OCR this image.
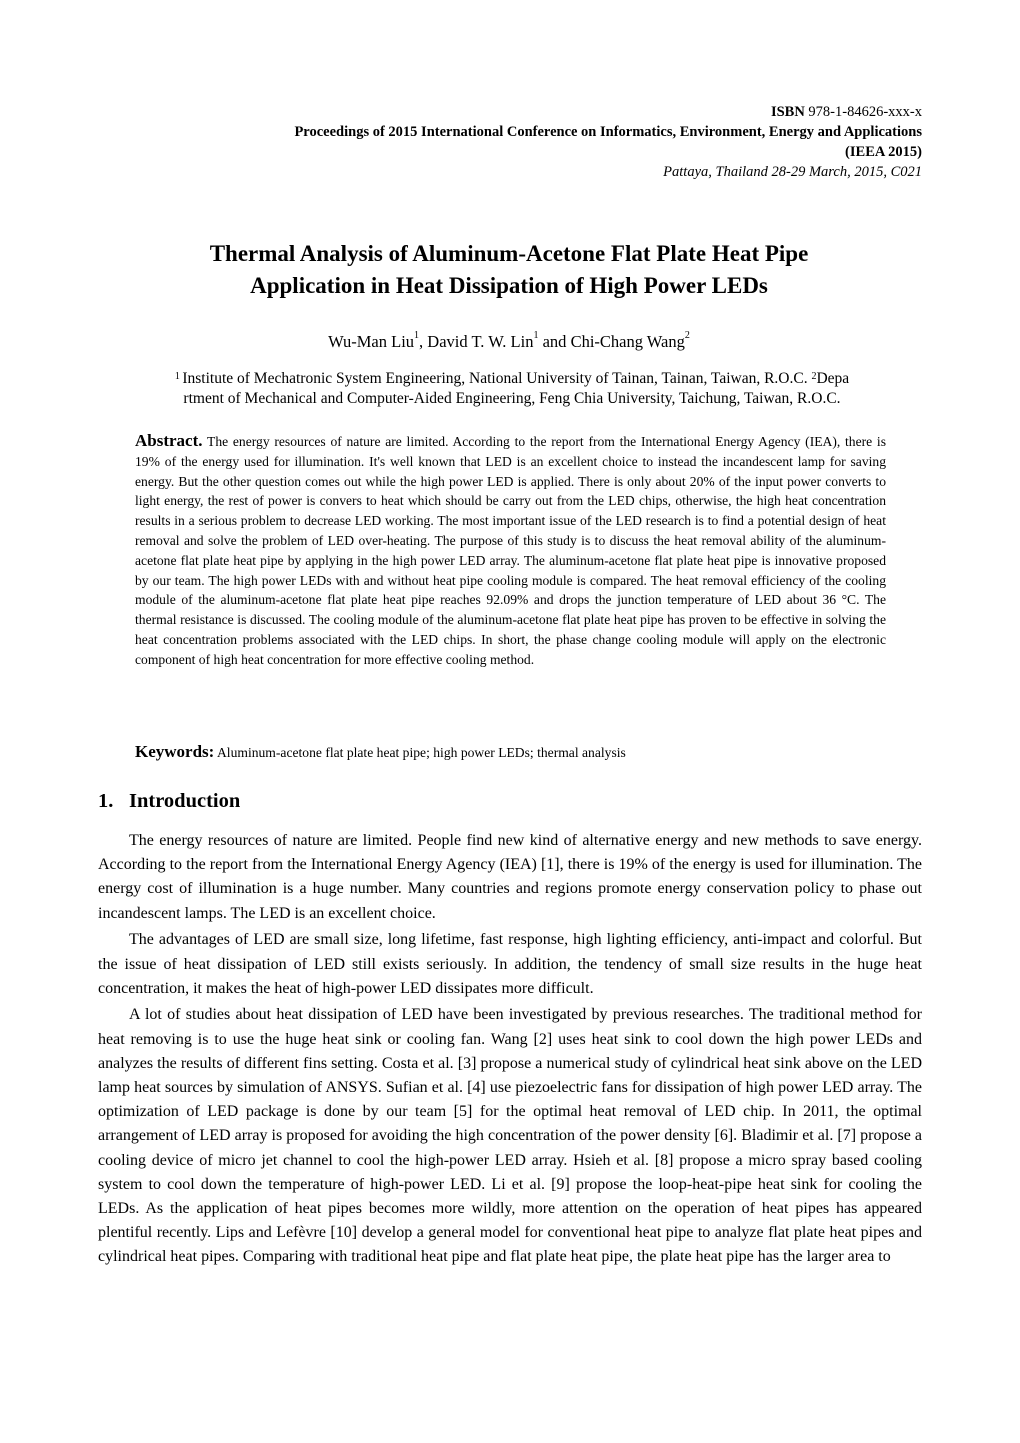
ISBN 978-1-84626-xxx-x
Proceedings of 2015 International Conference on Informatics, Environment, Energy and Applications
(IEEA 2015)
Pattaya, Thailand 28-29 March, 2015, C021
Thermal Analysis of Aluminum-Acetone Flat Plate Heat Pipe
Application in Heat Dissipation of High Power LEDs
Wu-Man Liu$^1$, David T. W. Lin$^1$ and Chi-Chang Wang$^2$
$^1$ Institute of Mechatronic System Engineering, National University of Tainan, Tainan, Taiwan, R.O.C. $^2$Depa
rtment of Mechanical and Computer-Aided Engineering, Feng Chia University, Taichung, Taiwan, R.O.C.
Abstract. The energy resources of nature are limited. According to the report from the International Energy Agency (IEA), there is 19% of the energy used for illumination. It's well known that LED is an excellent choice to instead the incandescent lamp for saving energy. But the other question comes out while the high power LED is applied. There is only about 20% of the input power converts to light energy, the rest of power is convers to heat which should be carry out from the LED chips, otherwise, the high heat concentration results in a serious problem to decrease LED working. The most important issue of the LED research is to find a potential design of heat removal and solve the problem of LED over-heating. The purpose of this study is to discuss the heat removal ability of the aluminum-acetone flat plate heat pipe by applying in the high power LED array. The aluminum-acetone flat plate heat pipe is innovative proposed by our team. The high power LEDs with and without heat pipe cooling module is compared. The heat removal efficiency of the cooling module of the aluminum-acetone flat plate heat pipe reaches 92.09% and drops the junction temperature of LED about 36 °C. The thermal resistance is discussed. The cooling module of the aluminum-acetone flat plate heat pipe has proven to be effective in solving the heat concentration problems associated with the LED chips. In short, the phase change cooling module will apply on the electronic component of high heat concentration for more effective cooling method.
Keywords: Aluminum-acetone flat plate heat pipe; high power LEDs; thermal analysis
1. Introduction

The energy resources of nature are limited. People find new kind of alternative energy and new methods to save energy. According to the report from the International Energy Agency (IEA) [1], there is 19% of the energy is used for illumination. The energy cost of illumination is a huge number. Many countries and regions promote energy conservation policy to phase out incandescent lamps. The LED is an excellent choice.

The advantages of LED are small size, long lifetime, fast response, high lighting efficiency, anti-impact and colorful. But the issue of heat dissipation of LED still exists seriously. In addition, the tendency of small size results in the huge heat concentration, it makes the heat of high-power LED dissipates more difficult.

A lot of studies about heat dissipation of LED have been investigated by previous researches. The traditional method for heat removing is to use the huge heat sink or cooling fan. Wang [2] uses heat sink to cool down the high power LEDs and analyzes the results of different fins setting. Costa et al. [3] propose a numerical study of cylindrical heat sink above on the LED lamp heat sources by simulation of ANSYS. Sufian et al. [4] use piezoelectric fans for dissipation of high power LED array. The optimization of LED package is done by our team [5] for the optimal heat removal of LED chip. In 2011, the optimal arrangement of LED array is proposed for avoiding the high concentration of the power density [6]. Bladimir et al. [7] propose a cooling device of micro jet channel to cool the high-power LED array. Hsieh et al. [8] propose a micro spray based cooling system to cool down the temperature of high-power LED. Li et al. [9] propose the loop-heat-pipe heat sink for cooling the LEDs. As the application of heat pipes becomes more wildly, more attention on the operation of heat pipes has appeared plentiful recently. Lips and Lefèvre [10] develop a general model for conventional heat pipe to analyze flat plate heat pipes and cylindrical heat pipes. Comparing with traditional heat pipe and flat plate heat pipe, the plate heat pipe has the larger area to
